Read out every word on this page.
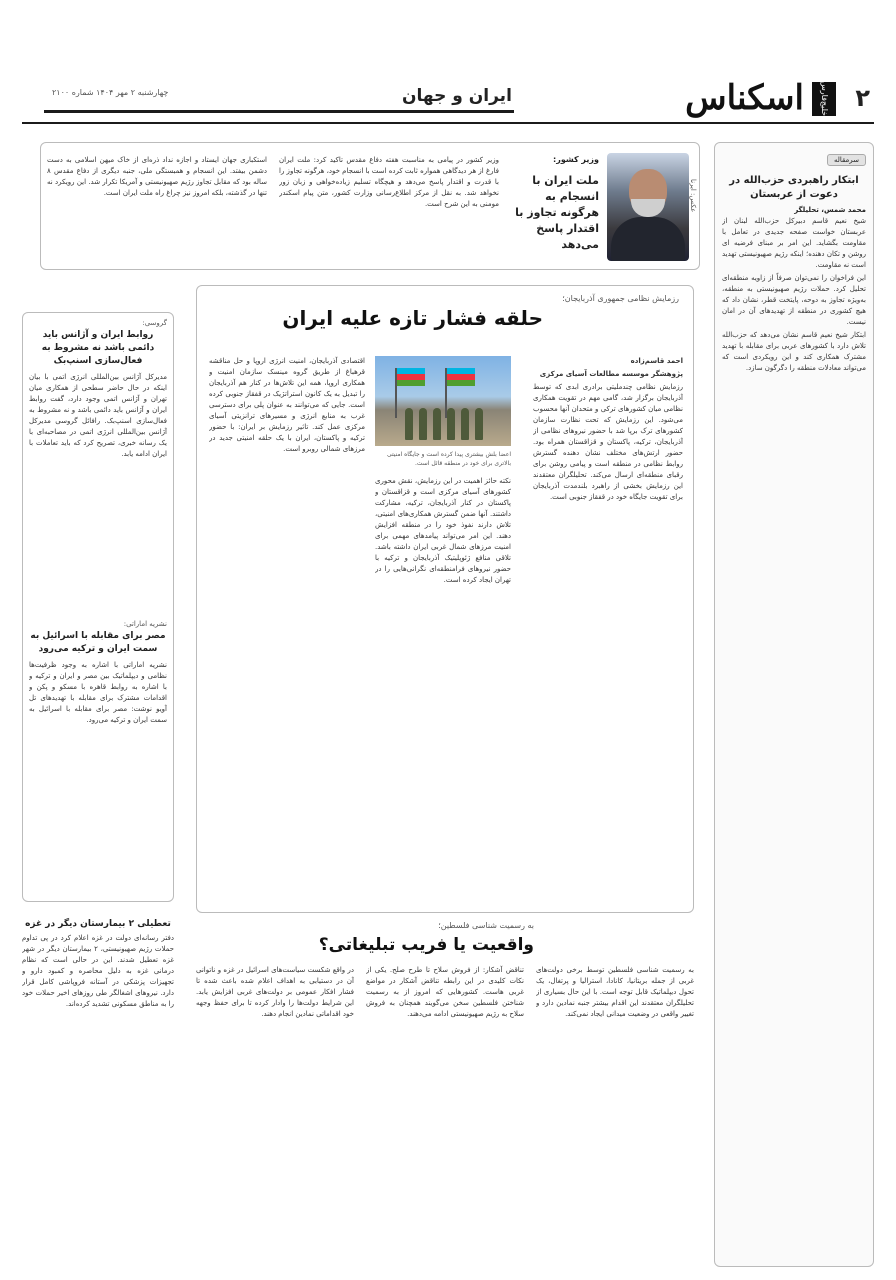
۲
خلیج‌فارس
اسکناس
ایران و جهان
چهارشنبه ۲ مهر ۱۴۰۴ شماره ۲۱۰۰
سرمقاله
ابتکار راهبردی حزب‌الله در دعوت از عربستان
محمد شمس، تحلیلگر

شیخ نعیم قاسم دبیرکل حزب‌الله لبنان از عربستان خواست صفحه جدیدی در تعامل با مقاومت بگشاید. این امر بر مبنای فرضیه ای روشن و تکان دهنده؛ اینکه رژیم صهیونیستی تهدید است نه مقاومت.

این فراخوان را نمی‌توان صرفاً از زاویه منطقه‌ای تحلیل کرد. حملات رژیم صهیونیستی به منطقه، به‌ویژه تجاوز به دوحه، پایتخت قطر، نشان داد که هیچ کشوری در منطقه از تهدیدهای آن در امان نیست.

ابتکار شیخ نعیم قاسم نشان می‌دهد که حزب‌الله تلاش دارد با کشورهای عربی برای مقابله با تهدید مشترک همکاری کند و این رویکردی است که می‌تواند معادلات منطقه را دگرگون سازد.

عکس: ایرنا
وزیر کشور:
ملت ایران با انسجام به هرگونه تجاوز با اقتدار پاسخ می‌دهد
وزیر کشور در پیامی به مناسبت هفته دفاع مقدس تاکید کرد: ملت ایران فارغ از هر دیدگاهی همواره ثابت کرده است با انسجام خود، هرگونه تجاوز را با قدرت و اقتدار پاسخ می‌دهد و هیچگاه تسلیم زیاده‌خواهی و زبان زور نخواهد شد. به نقل از مرکز اطلاع‌رسانی وزارت کشور، متن پیام اسکندر مومنی به این شرح است.
استکباری جهان ایستاد و اجازه نداد ذره‌ای از خاک میهن اسلامی به دست دشمن بیفتد. این انسجام و همبستگی ملی، جنبه دیگری از دفاع مقدس ۸ ساله بود که مقابل تجاوز رژیم صهیونیستی و آمریکا تکرار شد. این رویکرد نه تنها در گذشته، بلکه امروز نیز چراغ راه ملت ایران است.
گروسی:
روابط ایران و آژانس باید دائمی باشد نه مشروط به فعال‌سازی اسنپ‌بک
مدیرکل آژانس بین‌المللی انرژی اتمی با بیان اینکه در حال حاضر سطحی از همکاری میان تهران و آژانس اتمی وجود دارد، گفت روابط ایران و آژانس باید دائمی باشد و نه مشروط به فعال‌سازی اسنپ‌بک. رافائل گروسی مدیرکل آژانس بین‌المللی انرژی اتمی در مصاحبه‌ای با یک رسانه خبری، تصریح کرد که باید تعاملات با ایران ادامه یابد.
نشریه اماراتی:
مصر برای مقابله با اسرائیل به سمت ایران و ترکیه می‌رود
نشریه اماراتی با اشاره به وجود ظرفیت‌ها نظامی و دیپلماتیک بین مصر و ایران و ترکیه و با اشاره به روابط قاهره با مسکو و پکن و اقدامات مشترک برای مقابله با تهدیدهای تل آویو نوشت: مصر برای مقابله با اسرائیل به سمت ایران و ترکیه می‌رود.
رزمایش نظامی جمهوری آذربایجان؛
حلقه فشار تازه علیه ایران

احمد قاسم‌زاده

پژوهشگر موسسه مطالعات آسیای مرکزی

رزمایش نظامی چندملیتی برادری ابدی که توسط آذربایجان برگزار شد، گامی مهم در تقویت همکاری نظامی میان کشورهای ترکی و متحدان آنها محسوب می‌شود. این رزمایش که تحت نظارت سازمان کشورهای ترک برپا شد با حضور نیروهای نظامی از آذربایجان، ترکیه، پاکستان و قزاقستان همراه بود. حضور ارتش‌های مختلف نشان دهنده گسترش روابط نظامی در منطقه است و پیامی روشن برای رقبای منطقه‌ای ارسال می‌کند. تحلیلگران معتقدند این رزمایش بخشی از راهبرد بلندمدت آذربایجان برای تقویت جایگاه خود در قفقاز جنوبی است.

اعضا بلش بیشتری پیدا کرده است و جایگاه امنیتی بالاتری برای خود در منطقه قائل است.
نکته حائز اهمیت در این رزمایش، نقش محوری کشورهای آسیای مرکزی است و قزاقستان و پاکستان در کنار آذربایجان، ترکیه، مشارکت داشتند. آنها ضمن گسترش همکاری‌های امنیتی، تلاش دارند نفوذ خود را در منطقه افزایش دهند. این امر می‌تواند پیامدهای مهمی برای امنیت مرزهای شمال غربی ایران داشته باشد. تلاقی منافع ژئوپلیتیک آذربایجان و ترکیه با حضور نیروهای فرامنطقه‌ای نگرانی‌هایی را در تهران ایجاد کرده است.
اقتصادی آذربایجان، امنیت انرژی اروپا و حل مناقشه قرهباغ از طریق گروه مینسک سازمان امنیت و همکاری اروپا، همه این تلاش‌ها در کنار هم آذربایجان را تبدیل به یک کانون استراتژیک در قفقاز جنوبی کرده است. جایی که می‌توانند به عنوان پلی برای دسترسی غرب به منابع انرژی و مسیرهای ترانزیتی آسیای مرکزی عمل کند. تاثیر رزمایش بر ایران: با حضور ترکیه و پاکستان، ایران با یک حلقه امنیتی جدید در مرزهای شمالی روبرو است.
به رسمیت شناسی فلسطین؛
واقعیت یا فریب تبلیغاتی؟
به رسمیت شناسی فلسطین توسط برخی دولت‌های غربی از جمله بریتانیا، کانادا، استرالیا و پرتغال، یک تحول دیپلماتیک قابل توجه است. با این حال بسیاری از تحلیلگران معتقدند این اقدام بیشتر جنبه نمادین دارد و تغییر واقعی در وضعیت میدانی ایجاد نمی‌کند.
تناقض آشکار: از فروش سلاح تا طرح صلح. یکی از نکات کلیدی در این رابطه تناقض آشکار در مواضع غربی هاست. کشورهایی که امروز از به رسمیت شناختن فلسطین سخن می‌گویند همچنان به فروش سلاح به رژیم صهیونیستی ادامه می‌دهند.
در واقع شکست سیاست‌های اسرائیل در غزه و ناتوانی آن در دستیابی به اهداف اعلام شده باعث شده تا فشار افکار عمومی بر دولت‌های غربی افزایش یابد. این شرایط دولت‌ها را وادار کرده تا برای حفظ وجهه خود اقداماتی نمادین انجام دهند.
تعطیلی ۲ بیمارستان دیگر در غزه
دفتر رسانه‌ای دولت در غزه اعلام کرد در پی تداوم حملات رژیم صهیونیستی، ۲ بیمارستان دیگر در شهر غزه تعطیل شدند. این در حالی است که نظام درمانی غزه به دلیل محاصره و کمبود دارو و تجهیزات پزشکی در آستانه فروپاشی کامل قرار دارد. نیروهای اشغالگر طی روزهای اخیر حملات خود را به مناطق مسکونی تشدید کرده‌اند.
